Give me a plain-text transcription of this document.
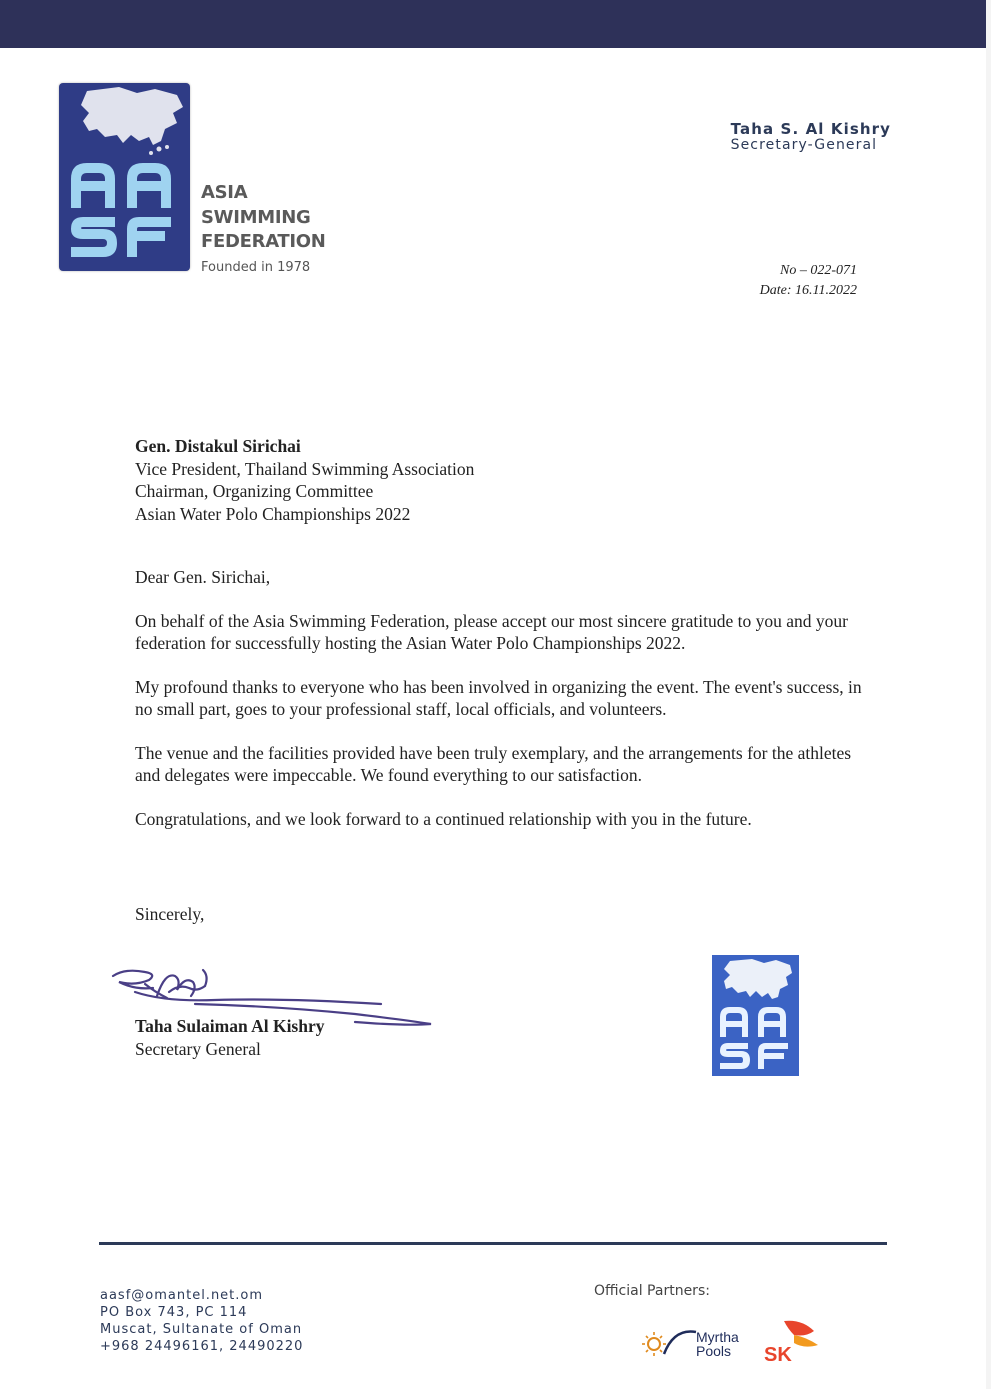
ASIA
SWIMMING
FEDERATION
Founded in 1978
Taha S. Al Kishry
Secretary-General
No – 022-071
Date: 16.11.2022
Gen. Distakul Sirichai
Vice President, Thailand Swimming Association
Chairman, Organizing Committee
Asian Water Polo Championships 2022

Dear Gen. Sirichai,

On behalf of the Asia Swimming Federation, please accept our most sincere gratitude to you and your federation for successfully hosting the Asian Water Polo Championships 2022.

My profound thanks to everyone who has been involved in organizing the event. The event's success, in no small part, goes to your professional staff, local officials, and volunteers.

The venue and the facilities provided have been truly exemplary, and the arrangements for the athletes and delegates were impeccable. We found everything to our satisfaction.

Congratulations, and we look forward to a continued relationship with you in the future.

Sincerely,
Taha Sulaiman Al Kishry
Secretary General
aasf@omantel.net.om
PO Box 743, PC 114
Muscat, Sultanate of Oman
+968 24496161, 24490220
Official Partners:
Myrtha
Pools SK
